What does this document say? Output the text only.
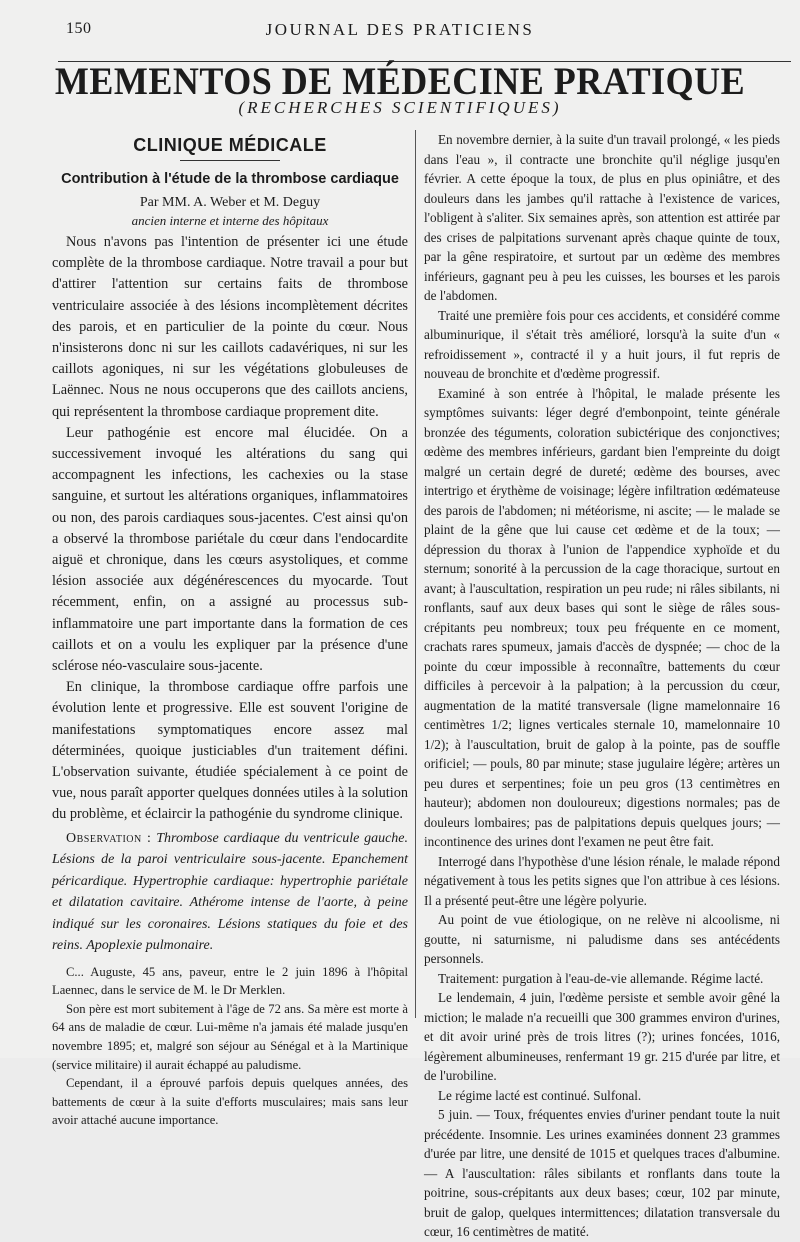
150	JOURNAL DES PRATICIENS
MEMENTOS DE MÉDECINE PRATIQUE
(RECHERCHES SCIENTIFIQUES)
CLINIQUE MÉDICALE
Contribution à l'étude de la thrombose cardiaque
Par MM. A. Weber et M. Deguy
ancien interne et interne des hôpitaux

Nous n'avons pas l'intention de présenter ici une étude complète de la thrombose cardiaque. Notre travail a pour but d'attirer l'attention sur certains faits de thrombose ventriculaire associée à des lésions incomplètement décrites des parois, et en particulier de la pointe du cœur. Nous n'insisterons donc ni sur les caillots cadavériques, ni sur les caillots agoniques, ni sur les végétations globuleuses de Laënnec. Nous ne nous occuperons que des caillots anciens, qui représentent la thrombose cardiaque proprement dite.

Leur pathogénie est encore mal élucidée. On a successivement invoqué les altérations du sang qui accompagnent les infections, les cachexies ou la stase sanguine, et surtout les altérations organiques, inflammatoires ou non, des parois cardiaques sous-jacentes. C'est ainsi qu'on a observé la thrombose pariétale du cœur dans l'endocardite aiguë et chronique, dans les cœurs asystoliques, et comme lésion associée aux dégénérescences du myocarde. Tout récemment, enfin, on a assigné au processus sub-inflammatoire une part importante dans la formation de ces caillots et on a voulu les expliquer par la présence d'une sclérose néo-vasculaire sous-jacente.

En clinique, la thrombose cardiaque offre parfois une évolution lente et progressive. Elle est souvent l'origine de manifestations symptomatiques encore assez mal déterminées, quoique justiciables d'un traitement défini. L'observation suivante, étudiée spécialement à ce point de vue, nous paraît apporter quelques données utiles à la solution du problème, et éclaircir la pathogénie du syndrome clinique.

Observation : Thrombose cardiaque du ventricule gauche. Lésions de la paroi ventriculaire sous-jacente. Epanchement péricardique. Hypertrophie cardiaque: hypertrophie pariétale et dilatation cavitaire. Athérome intense de l'aorte, à peine indiqué sur les coronaires. Lésions statiques du foie et des reins. Apoplexie pulmonaire.

C... Auguste, 45 ans, paveur, entre le 2 juin 1896 à l'hôpital Laennec, dans le service de M. le Dr Merklen.

Son père est mort subitement à l'âge de 72 ans. Sa mère est morte à 64 ans de maladie de cœur. Lui-même n'a jamais été malade jusqu'en novembre 1895; et, malgré son séjour au Sénégal et à la Martinique (service militaire) il aurait échappé au paludisme.

Cependant, il a éprouvé parfois depuis quelques années, des battements de cœur à la suite d'efforts musculaires; mais sans leur avoir attaché aucune importance.

En novembre dernier, à la suite d'un travail prolongé, « les pieds dans l'eau », il contracte une bronchite qu'il néglige jusqu'en février. A cette époque la toux, de plus en plus opiniâtre, et des douleurs dans les jambes qu'il rattache à l'existence de varices, l'obligent à s'aliter. Six semaines après, son attention est attirée par des crises de palpitations survenant après chaque quinte de toux, par la gêne respiratoire, et surtout par un œdème des membres inférieurs, gagnant peu à peu les cuisses, les bourses et les parois de l'abdomen.

Traité une première fois pour ces accidents, et considéré comme albuminurique, il s'était très amélioré, lorsqu'à la suite d'un « refroidissement », contracté il y a huit jours, il fut repris de nouveau de bronchite et d'œdème progressif.

Examiné à son entrée à l'hôpital, le malade présente les symptômes suivants: léger degré d'embonpoint, teinte générale bronzée des téguments, coloration subictérique des conjonctives; œdème des membres inférieurs, gardant bien l'empreinte du doigt malgré un certain degré de dureté; œdème des bourses, avec intertrigo et érythème de voisinage; légère infiltration œdémateuse des parois de l'abdomen; ni météorisme, ni ascite; — le malade se plaint de la gêne que lui cause cet œdème et de la toux; — dépression du thorax à l'union de l'appendice xyphoïde et du sternum; sonorité à la percussion de la cage thoracique, surtout en avant; à l'auscultation, respiration un peu rude; ni râles sibilants, ni ronflants, sauf aux deux bases qui sont le siège de râles sous-crépitants peu nombreux; toux peu fréquente en ce moment, crachats rares spumeux, jamais d'accès de dyspnée; — choc de la pointe du cœur impossible à reconnaître, battements du cœur difficiles à percevoir à la palpation; à la percussion du cœur, augmentation de la matité transversale (ligne mamelonnaire 16 centimètres 1/2; lignes verticales sternale 10, mamelonnaire 10 1/2); à l'auscultation, bruit de galop à la pointe, pas de souffle orificiel; — pouls, 80 par minute; stase jugulaire légère; artères un peu dures et serpentines; foie un peu gros (13 centimètres en hauteur); abdomen non douloureux; digestions normales; pas de douleurs lombaires; pas de palpitations depuis quelques jours; — incontinence des urines dont l'examen ne peut être fait.

Interrogé dans l'hypothèse d'une lésion rénale, le malade répond négativement à tous les petits signes que l'on attribue à ces lésions. Il a présenté peut-être une légère polyurie.

Au point de vue étiologique, on ne relève ni alcoolisme, ni goutte, ni saturnisme, ni paludisme dans ses antécédents personnels.

Traitement: purgation à l'eau-de-vie allemande. Régime lacté.

Le lendemain, 4 juin, l'œdème persiste et semble avoir gêné la miction; le malade n'a recueilli que 300 grammes environ d'urines, et dit avoir uriné près de trois litres (?); urines foncées, 1016, légèrement albumineuses, renfermant 19 gr. 215 d'urée par litre, et de l'urobiline.

Le régime lacté est continué. Sulfonal.

5 juin. — Toux, fréquentes envies d'uriner pendant toute la nuit précédente. Insomnie. Les urines examinées donnent 23 grammes d'urée par litre, une densité de 1015 et quelques traces d'albumine. — A l'auscultation: râles sibilants et ronflants dans toute la poitrine, sous-crépitants aux deux bases; cœur, 102 par minute, bruit de galop, quelques intermittences; dilatation transversale du cœur, 16 centimètres de matité.
